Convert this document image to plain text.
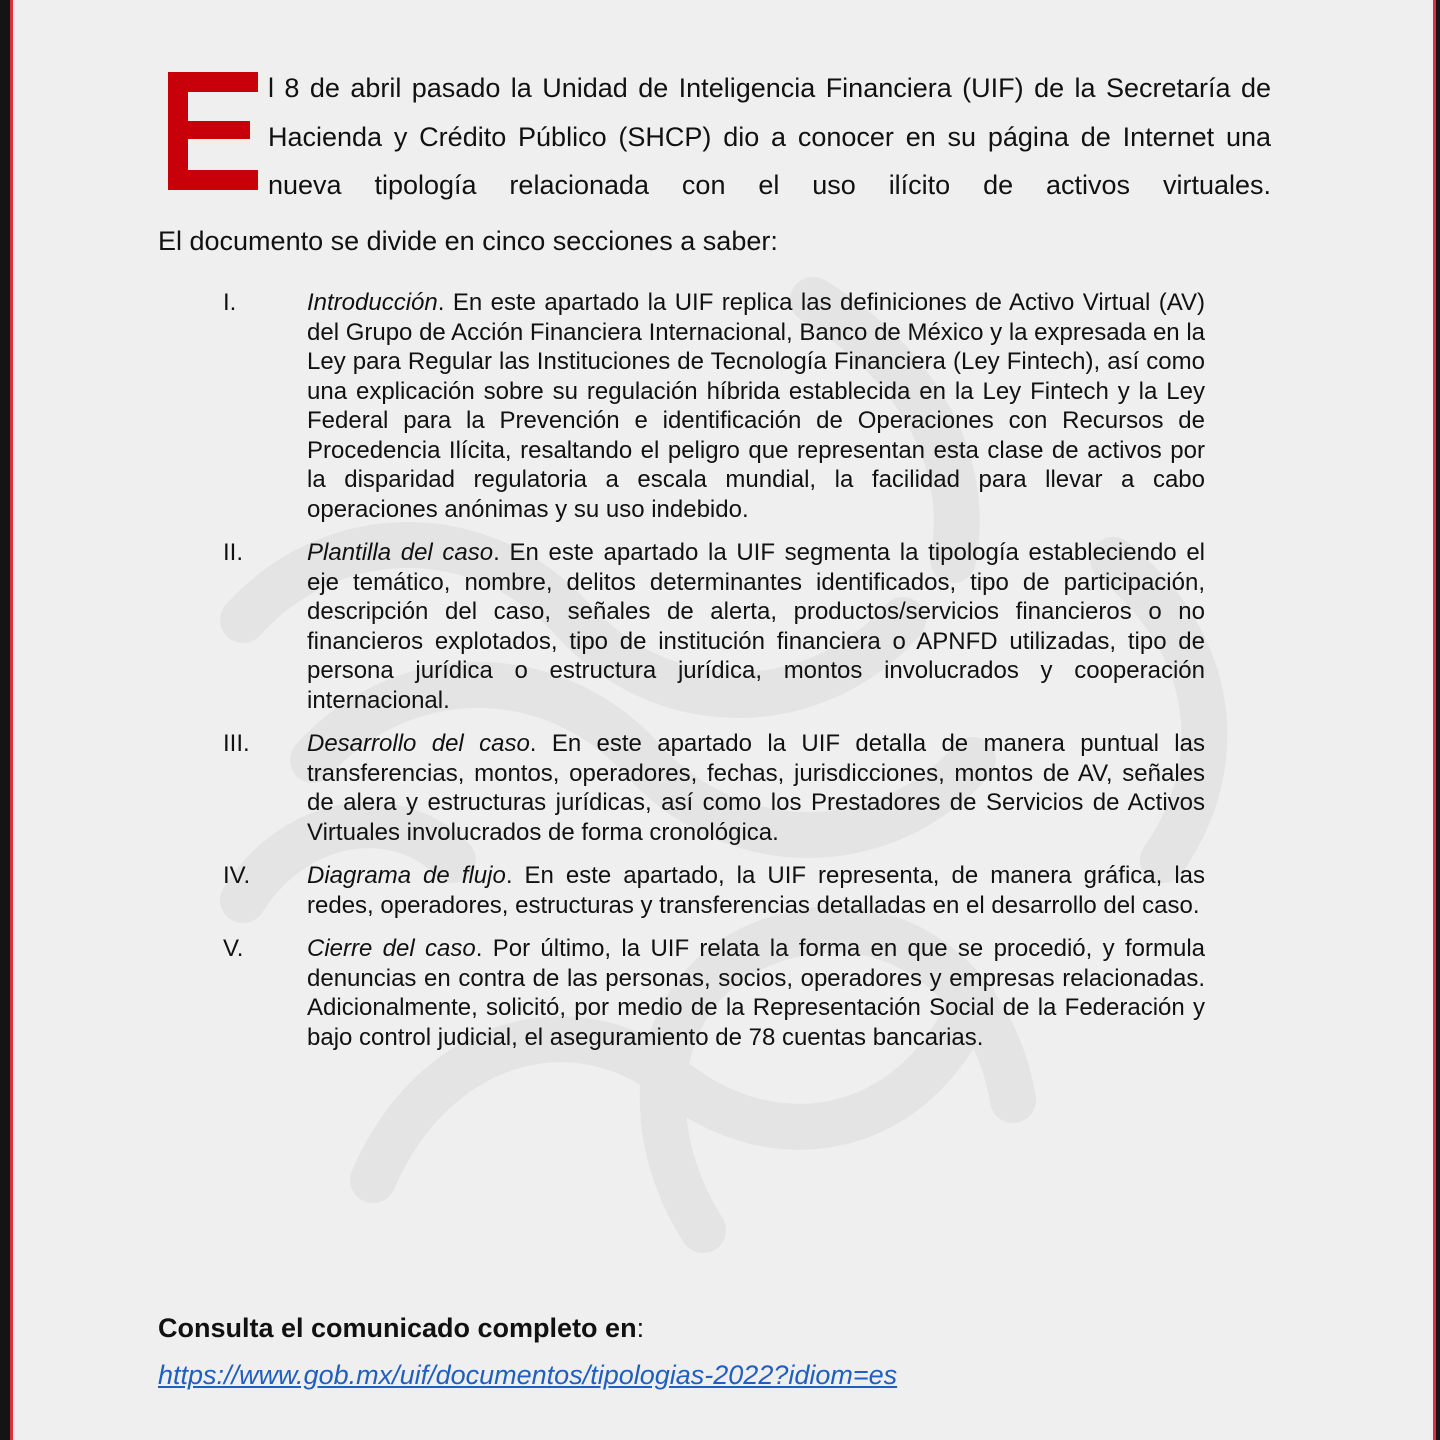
l 8 de abril pasado la Unidad de Inteligencia Financiera (UIF) de la Secretaría de Hacienda y Crédito Público (SHCP) dio a conocer en su página de Internet una nueva tipología relacionada con el uso ilícito de activos virtuales.

El documento se divide en cinco secciones a saber:

I.	Introducción. En este apartado la UIF replica las definiciones de Activo Virtual (AV) del Grupo de Acción Financiera Internacional, Banco de México y la expresada en la Ley para Regular las Instituciones de Tecnología Financiera (Ley Fintech), así como una explicación sobre su regulación híbrida establecida en la Ley Fintech y la Ley Federal para la Prevención e identificación de Operaciones con Recursos de Procedencia Ilícita, resaltando el peligro que representan esta clase de activos por la disparidad regulatoria a escala mundial, la facilidad para llevar a cabo operaciones anónimas y su uso indebido.

II.	Plantilla del caso. En este apartado la UIF segmenta la tipología estableciendo el eje temático, nombre, delitos determinantes identificados, tipo de participación, descripción del caso, señales de alerta, productos/servicios financieros o no financieros explotados, tipo de institución financiera o APNFD utilizadas, tipo de persona jurídica o estructura jurídica, montos involucrados y cooperación internacional.

III.	Desarrollo del caso. En este apartado la UIF detalla de manera puntual las transferencias, montos, operadores, fechas, jurisdicciones, montos de AV, señales de alera y estructuras jurídicas, así como los Prestadores de Servicios de Activos Virtuales involucrados de forma cronológica.

IV.	Diagrama de flujo. En este apartado, la UIF representa, de manera gráfica, las redes, operadores, estructuras y transferencias detalladas en el desarrollo del caso.

V.	Cierre del caso. Por último, la UIF relata la forma en que se procedió, y formula denuncias en contra de las personas, socios, operadores y empresas relacionadas. Adicionalmente, solicitó, por medio de la Representación Social de la Federación y bajo control judicial, el aseguramiento de 78 cuentas bancarias.

Consulta el comunicado completo en:

https://www.gob.mx/uif/documentos/tipologias-2022?idiom=es
